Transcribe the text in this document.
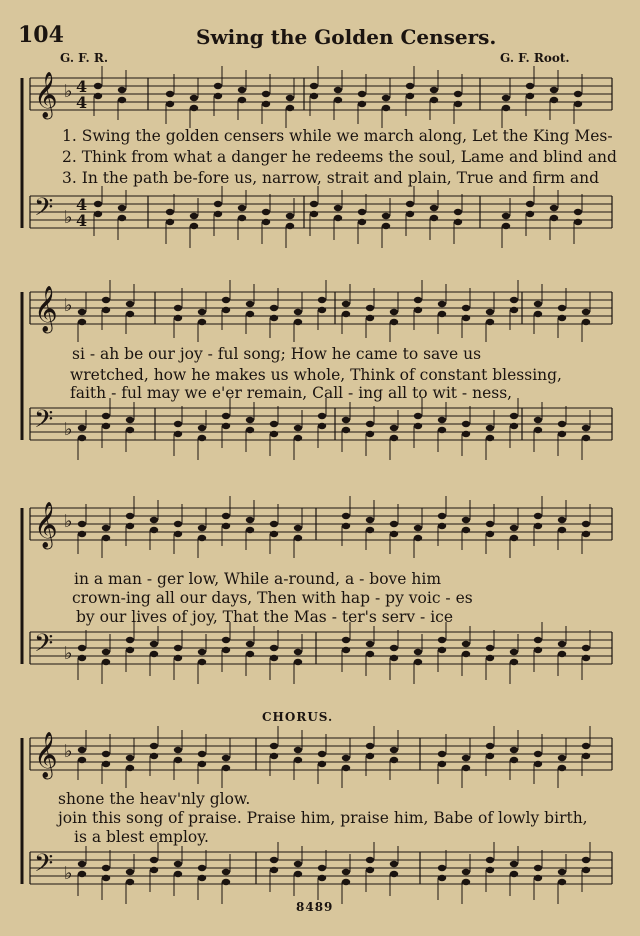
104	Swing the Golden Censers.
G. F. R.	G. F. Root.
𝄞 ♭ 4
4
𝄢 ♭
4
4
𝄞 ♭
𝄢 ♭
𝄞 ♭
𝄢 ♭
𝄞 ♭
𝄢 ♭
1. Swing the golden censers while we march along, Let the King Mes-
2. Think from what a danger he redeems the soul, Lame and blind and
3. In the path be-fore us, narrow, strait and plain, True and firm and
si - ah be our joy - ful song; How he came to save us
wretched, how he makes us whole, Think of constant blessing,
faith - ful may we e'er remain, Call - ing all to wit - ness,
in a man - ger low, While a-round, a - bove him
crown-ing all our days, Then with hap - py voic - es
by our lives of joy, That the Mas - ter's serv - ice
CHORUS.
shone the heav'nly glow.
join this song of praise. Praise him, praise him, Babe of lowly birth,
is a blest employ.
8489
